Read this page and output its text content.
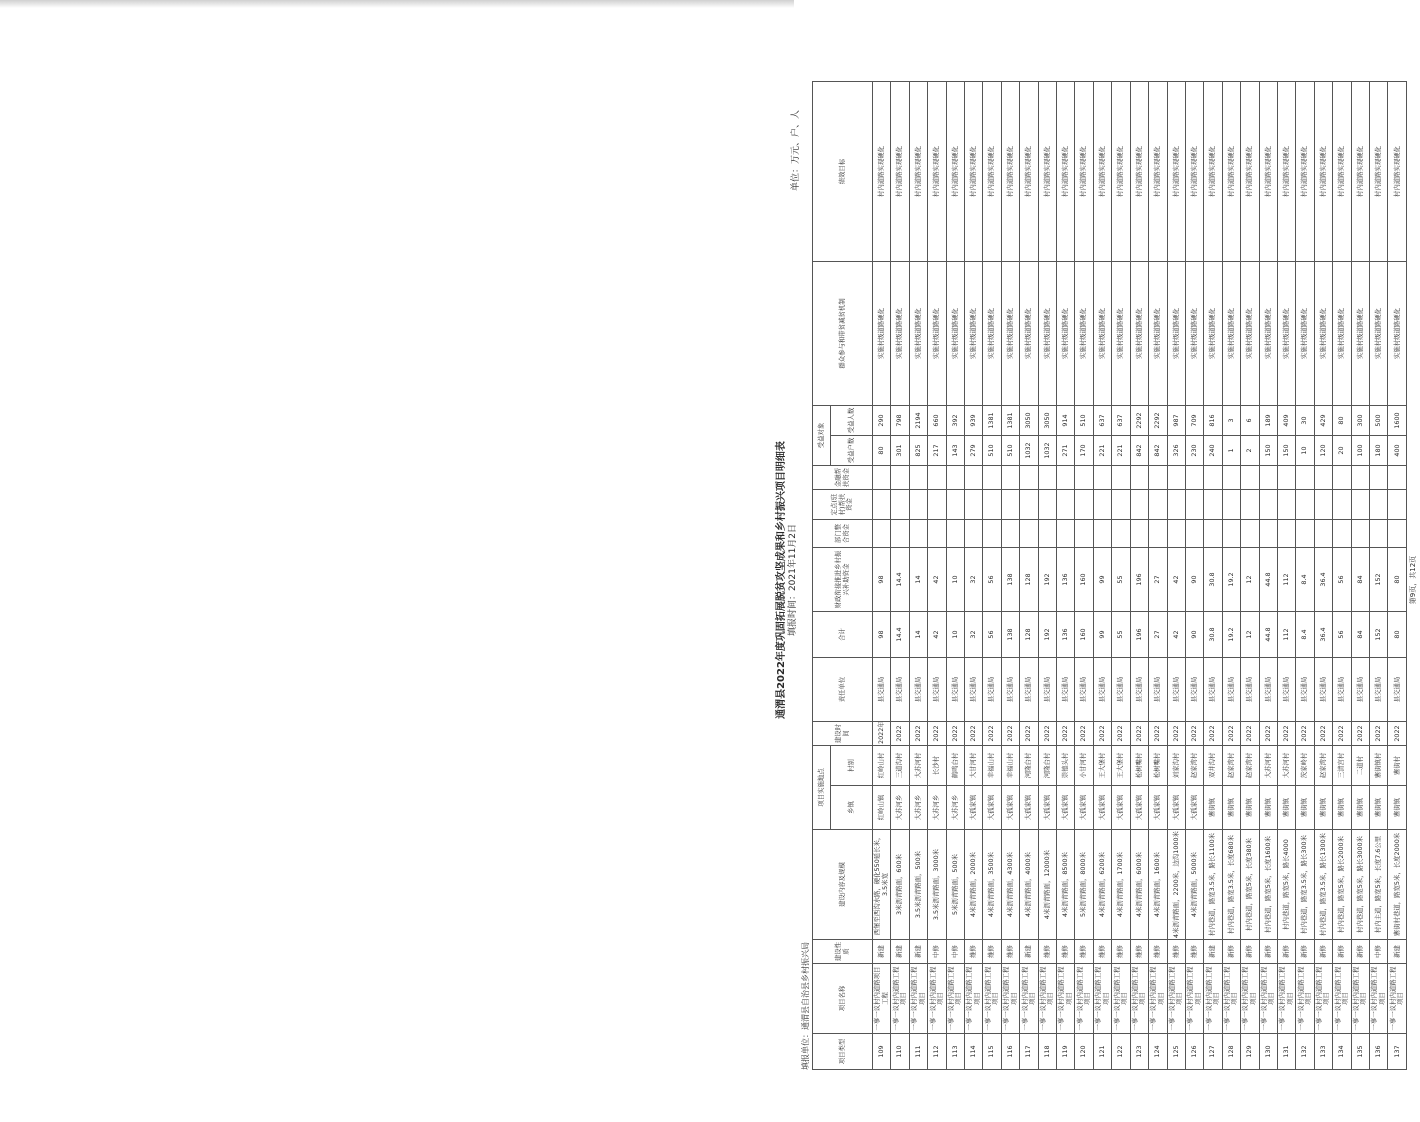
通渭县2022年度巩固拓展脱贫攻坚成果和乡村振兴项目明细表 填报时间：2021年11月2日
单位：万元、户、人
填报单位：通渭县自治县乡村振兴局	项目类型	项目名称	建设性质	建设内容及规模	项目实施地点		建设时间	责任单位	合计	财政衔接推进乡村振兴补助资金	部门整合资金	定点(驻村)帮扶资金	金融帮扶资金	受益对象		群众参与和带贫减贫机制	绩效目标
				乡镇	村别								受益户数	受益人数		
109	一事一议村内道路项目工程	新建	西堡至西沟水路，硬化550延长米，3.5米宽	红岭山镇	红岭山村	2022年	县交通局	98	98				80	290	实施村级道路硬化	村内道路实现硬化
110	一事一议村内道路工程项目	新建	3米沥青路面，600米	大苏河乡	三道沟村	2022	县交通局	14.4	14.4				301	798	实施村级道路硬化	村内道路实现硬化
111	一事一议村内道路工程项目	新建	3.5米沥青路面，500米	大苏河乡	大苏河村	2022	县交通局	14	14				825	2194	实施村级道路硬化	村内道路实现硬化
112	一事一议村内道路工程项目	中修	3.5米沥青路面，3000米	大苏河乡	长沙村	2022	县交通局	42	42				217	660	实施村级道路硬化	村内道路实现硬化
113	一事一议村内道路工程项目	中修	5米沥青路面，500米	大苏河乡	鹤鸣台村	2022	县交通局	10	10				143	392	实施村级道路硬化	村内道路实现硬化
114	一事一议村内道路工程项目	维修	4米沥青路面，2000米	大孤家镇	大甘河村	2022	县交通局	32	32				279	939	实施村级道路硬化	村内道路实现硬化
115	一事一议村内道路工程项目	维修	4米沥青路面，3500米	大孤家镇	幸福山村	2022	县交通局	56	56				510	1381	实施村级道路硬化	村内道路实现硬化
116	一事一议村内道路工程项目	维修	4米沥青路面，4300米	大孤家镇	幸福山村	2022	县交通局	138	138				510	1381	实施村级道路硬化	村内道路实现硬化
117	一事一议村内道路工程项目	新建	4米沥青路面，4000米	大孤家镇	河隆台村	2022	县交通局	128	128				1032	3050	实施村级道路硬化	村内道路实现硬化
118	一事一议村内道路工程项目	维修	4米沥青路面，12000米	大孤家镇	河隆台村	2022	县交通局	192	192				1032	3050	实施村级道路硬化	村内道路实现硬化
119	一事一议村内道路工程项目	维修	4米沥青路面，8500米	大孤家镇	崇德头村	2022	县交通局	136	136				271	914	实施村级道路硬化	村内道路实现硬化
120	一事一议村内道路工程项目	维修	5米沥青路面，8000米	大孤家镇	小甘河村	2022	县交通局	160	160				170	510	实施村级道路硬化	村内道路实现硬化
121	一事一议村内道路工程项目	维修	4米沥青路面，6200米	大孤家镇	王大堡村	2022	县交通局	99	99				221	637	实施村级道路硬化	村内道路实现硬化
122	一事一议村内道路工程项目	维修	4米沥青路面，1700米	大孤家镇	王大堡村	2022	县交通局	55	55				221	637	实施村级道路硬化	村内道路实现硬化
123	一事一议村内道路工程项目	维修	4米沥青路面，6000米	大孤家镇	松树嘴村	2022	县交通局	196	196				842	2292	实施村级道路硬化	村内道路实现硬化
124	一事一议村内道路工程项目	维修	4米沥青路面，1600米	大孤家镇	松树嘴村	2022	县交通局	27	27				842	2292	实施村级道路硬化	村内道路实现硬化
125	一事一议村内道路工程项目	维修	4米沥青路面，2200米，边沟1000米	大孤家镇	刘家沟村	2022	县交通局	42	42				326	987	实施村级道路硬化	村内道路实现硬化
126	一事一议村内道路工程项目	维修	4米沥青路面，5000米	大孤家镇	赵家湾村	2022	县交通局	90	90				230	709	实施村级道路硬化	村内道路实现硬化
127	一事一议村内道路工程项目	新建	村内巷道，路宽3.5米，路长1100米	寨街镇	双井沟村	2022	县交通局	30.8	30.8				240	816	实施村级道路硬化	村内道路实现硬化
128	一事一议村内道路工程项目	新修	村内巷道，路宽3.5米，长度680米	寨街镇	赵家湾村	2022	县交通局	19.2	19.2				1	3	实施村级道路硬化	村内道路实现硬化
129	一事一议村内道路工程项目	新修	村内巷道，路宽5米，长度380米	寨街镇	赵家湾村	2022	县交通局	12	12				2	6	实施村级道路硬化	村内道路实现硬化
130	一事一议村内道路工程项目	新修	村内巷道，路宽5米，长度1600米	寨街镇	大苏河村	2022	县交通局	44.8	44.8				150	189	实施村级道路硬化	村内道路实现硬化
131	一事一议村内道路工程项目	新修	村内巷道，路宽5米，路长4000	寨街镇	大苏河村	2022	县交通局	112	112				150	409	实施村级道路硬化	村内道路实现硬化
132	一事一议村内道路工程项目	新修	村内巷道，路宽3.5米，路长300米	寨街镇	茨家岭村	2022	县交通局	8.4	8.4				10	30	实施村级道路硬化	村内道路实现硬化
133	一事一议村内道路工程项目	新修	村内巷道，路宽3.5米，路长1300米	寨街镇	赵家湾村	2022	县交通局	36.4	36.4				120	429	实施村级道路硬化	村内道路实现硬化
134	一事一议村内道路工程项目	新修	村内巷道，路宽5米，路长2000米	寨街镇	三清宫村	2022	县交通局	56	56				20	80	实施村级道路硬化	村内道路实现硬化
135	一事一议村内道路工程项目	新修	村内巷道，路宽5米，路长3000米	寨街镇	二道村	2022	县交通局	84	84				100	300	实施村级道路硬化	村内道路实现硬化
136	一事一议村内道路工程项目	中修	村内主道，路宽5米，长度7.6公里	寨街镇	寨街镇村	2022	县交通局	152	152				180	500	实施村级道路硬化	村内道路实现硬化
137	一事一议村内道路工程项目	新建	寨街村巷道，路宽5米，长度2000米	寨街镇	寨街村	2022	县交通局	80	80				400	1600	实施村级道路硬化	村内道路实现硬化
第9页，共12页
